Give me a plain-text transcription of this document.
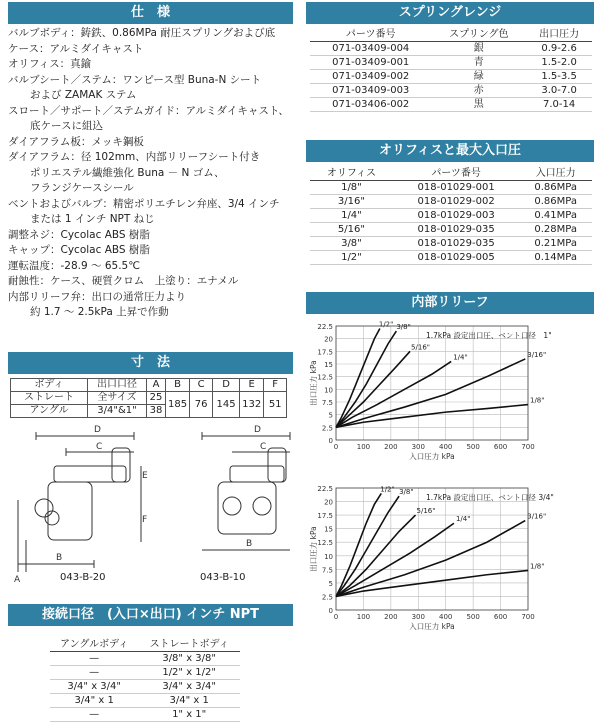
仕　様
バルブボディ：鋳鉄、0.86MPa 耐圧スプリングおよび底
ケース：アルミダイキャスト
オリフィス：真鍮
バルブシート／ステム：ワンピース型 Buna-N シート
および ZAMAK ステム
スロート／サポート／ステムガイド：アルミダイキャスト、
底ケースに組込
ダイアフラム板：メッキ鋼板
ダイアフラム：径 102mm、内部リリーフシート付き
ポリエステル繊維強化 Buna － N ゴム、
フランジケースシール
ベントおよびバルブ：精密ポリエチレン弁座、3/4 インチ
または 1 インチ NPT ねじ
調整ネジ：Cycolac ABS 樹脂
キャップ：Cycolac ABS 樹脂
運転温度：-28.9 ～ 65.5℃
耐蝕性：ケース、硬質クロム　上塗り：エナメル
内部リリーフ弁：出口の通常圧力より
約 1.7 ～ 2.5kPa 上昇で作動
スプリングレンジ
パーツ番号	スプリング色	出口圧力
071-03409-004	銀	0.9-2.6
071-03409-001	青	1.5-2.0
071-03409-002	緑	1.5-3.5
071-03409-003	赤	3.0-7.0
071-03406-002	黒	7.0-14
オリフィスと最大入口圧
オリフィス	パーツ番号	入口圧力
1/8"	018-01029-001	0.86MPa
3/16"	018-01029-002	0.86MPa
1/4"	018-01029-003	0.41MPa
5/16"	018-01029-035	0.28MPa
3/8"	018-01029-035	0.21MPa
1/2"	018-01029-005	0.14MPa
内部リリーフ
0
2.5
5
7.5
10
12.5
15
17.5
20
22.5
0	100 200 300 400 500 600 700
入口圧力 kPa
出口圧力 kPa
1.7kPa 設定出口圧、ベント口径　1"
1/2" 3/8"
5/16"
1/4"	3/16"
1/8"
0
2.5
5
7.5
10
12.5
15
17.5
20
22.5
0	100 200 300 400 500 600 700
入口圧力 kPa
出口圧力 kPa
1.7kPa 設定出口圧、ベント口径 3/4"
1/2" 3/8"
5/16"
1/4"	3/16"
1/8"
寸　法
ボディ	出口口径	A	B	C	D	E	F
ストレート	全サイズ	25	185	76	145	132	51
アングル	3/4"&1"	38					
D
C
E
F
A
B
D
C
B
043-B-20	043-B-10
接続口径　(入口×出口) インチ NPT
アングルボディ	ストレートボディ
—	3/8" x 3/8"
—	1/2" x 1/2"
3/4" x 3/4"	3/4" x 3/4"
3/4" x 1	3/4" x 1
—	1" x 1"
